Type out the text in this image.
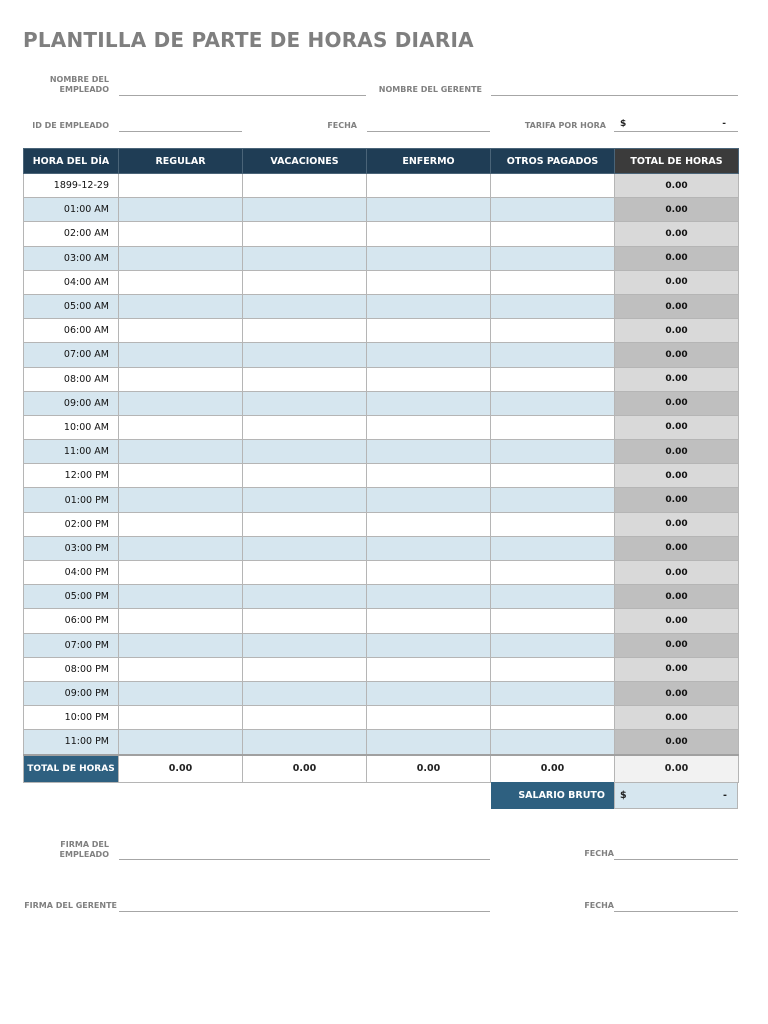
PLANTILLA DE PARTE DE HORAS DIARIA
NOMBRE DEL
EMPLEADO	NOMBRE DEL GERENTE
ID DE EMPLEADO	FECHA	TARIFA POR HORA $	-
HORA DEL DÍA	REGULAR	VACACIONES	ENFERMO	OTROS PAGADOS	TOTAL DE HORAS
1899-12-29					0.00
01:00 AM					0.00
02:00 AM					0.00
03:00 AM					0.00
04:00 AM					0.00
05:00 AM					0.00
06:00 AM					0.00
07:00 AM					0.00
08:00 AM					0.00
09:00 AM					0.00
10:00 AM					0.00
11:00 AM					0.00
12:00 PM					0.00
01:00 PM					0.00
02:00 PM					0.00
03:00 PM					0.00
04:00 PM					0.00
05:00 PM					0.00
06:00 PM					0.00
07:00 PM					0.00
08:00 PM					0.00
09:00 PM					0.00
10:00 PM					0.00
11:00 PM					0.00
TOTAL DE HORAS	0.00	0.00	0.00	0.00	0.00
SALARIO BRUTO	$	-
FIRMA DEL
EMPLEADO	FECHA
FIRMA DEL GERENTE	FECHA
